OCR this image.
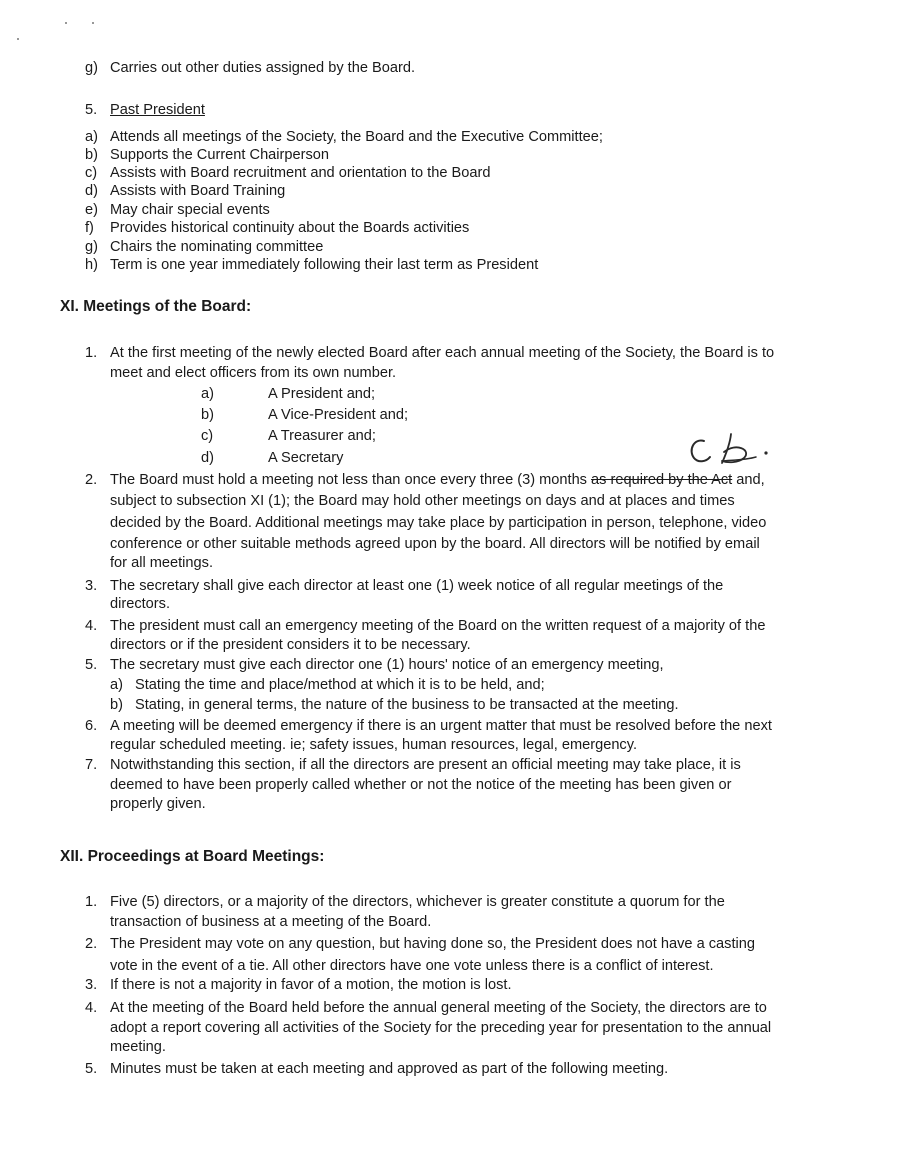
g) Carries out other duties assigned by the Board.
5. Past President
a) Attends all meetings of the Society, the Board and the Executive Committee;
b) Supports the Current Chairperson
c) Assists with Board recruitment and orientation to the Board
d) Assists with Board Training
e) May chair special events
f) Provides historical continuity about the Boards activities
g) Chairs the nominating committee
h) Term is one year immediately following their last term as President
XI. Meetings of the Board:
1. At the first meeting of the newly elected Board after each annual meeting of the Society, the Board is to
meet and elect officers from its own number.
a)	A President and;
b)	A Vice-President and;
c)	A Treasurer and;
d)	A Secretary
2. The Board must hold a meeting not less than once every three (3) months as required by the Act and,
subject to subsection XI (1); the Board may hold other meetings on days and at places and times
decided by the Board. Additional meetings may take place by participation in person, telephone, video
conference or other suitable methods agreed upon by the board. All directors will be notified by email
for all meetings.
3. The secretary shall give each director at least one (1) week notice of all regular meetings of the
directors.
4. The president must call an emergency meeting of the Board on the written request of a majority of the
directors or if the president considers it to be necessary.
5. The secretary must give each director one (1) hours' notice of an emergency meeting,
a) Stating the time and place/method at which it is to be held, and;
b) Stating, in general terms, the nature of the business to be transacted at the meeting.
6. A meeting will be deemed emergency if there is an urgent matter that must be resolved before the next
regular scheduled meeting. ie; safety issues, human resources, legal, emergency.
7. Notwithstanding this section, if all the directors are present an official meeting may take place, it is
deemed to have been properly called whether or not the notice of the meeting has been given or
properly given.
XII. Proceedings at Board Meetings:
1. Five (5) directors, or a majority of the directors, whichever is greater constitute a quorum for the
transaction of business at a meeting of the Board.
2. The President may vote on any question, but having done so, the President does not have a casting
vote in the event of a tie. All other directors have one vote unless there is a conflict of interest.
3. If there is not a majority in favor of a motion, the motion is lost.
4. At the meeting of the Board held before the annual general meeting of the Society, the directors are to
adopt a report covering all activities of the Society for the preceding year for presentation to the annual
meeting.
5. Minutes must be taken at each meeting and approved as part of the following meeting.
